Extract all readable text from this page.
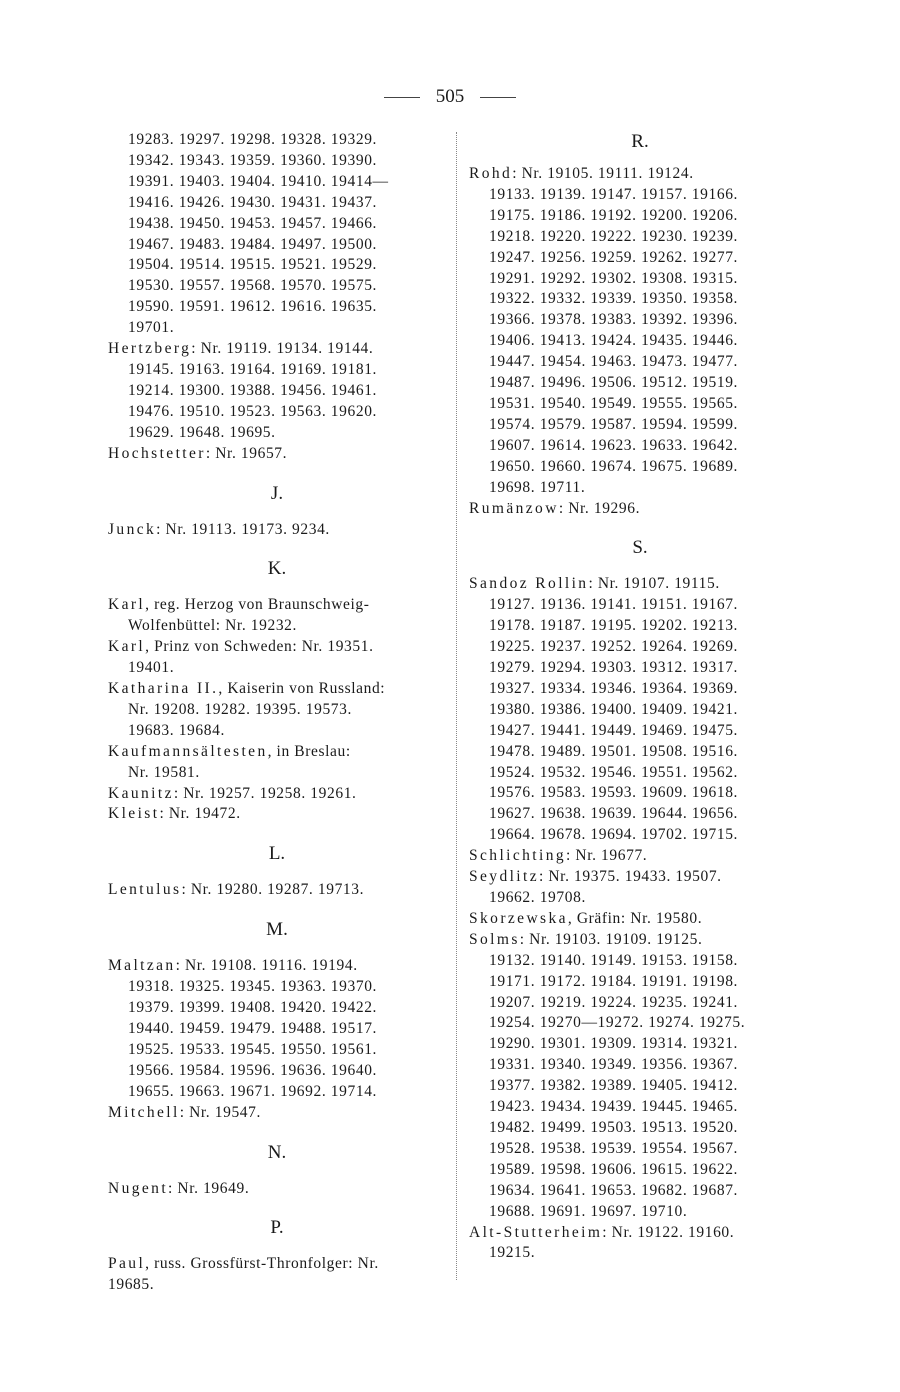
505
19283. 19297. 19298. 19328. 19329.
19342. 19343. 19359. 19360. 19390.
19391. 19403. 19404. 19410. 19414—
19416. 19426. 19430. 19431. 19437.
19438. 19450. 19453. 19457. 19466.
19467. 19483. 19484. 19497. 19500.
19504. 19514. 19515. 19521. 19529.
19530. 19557. 19568. 19570. 19575.
19590. 19591. 19612. 19616. 19635.
19701.
Hertzberg: Nr. 19119. 19134. 19144.
19145. 19163. 19164. 19169. 19181.
19214. 19300. 19388. 19456. 19461.
19476. 19510. 19523. 19563. 19620.
19629. 19648. 19695.
Hochstetter: Nr. 19657.
J.
Junck: Nr. 19113. 19173. 9234.
K.
Karl, reg. Herzog von Braunschweig-
Wolfenbüttel: Nr. 19232.
Karl, Prinz von Schweden: Nr. 19351.
19401.
Katharina II., Kaiserin von Russland:
Nr. 19208. 19282. 19395. 19573.
19683. 19684.
Kaufmannsältesten, in Breslau:
Nr. 19581.
Kaunitz: Nr. 19257. 19258. 19261.
Kleist: Nr. 19472.
L.
Lentulus: Nr. 19280. 19287. 19713.
M.
Maltzan: Nr. 19108. 19116. 19194.
19318. 19325. 19345. 19363. 19370.
19379. 19399. 19408. 19420. 19422.
19440. 19459. 19479. 19488. 19517.
19525. 19533. 19545. 19550. 19561.
19566. 19584. 19596. 19636. 19640.
19655. 19663. 19671. 19692. 19714.
Mitchell: Nr. 19547.
N.
Nugent: Nr. 19649.
P.
Paul, russ. Grossfürst-Thronfolger: Nr.
19685.
R.
Rohd: Nr. 19105. 19111. 19124.
19133. 19139. 19147. 19157. 19166.
19175. 19186. 19192. 19200. 19206.
19218. 19220. 19222. 19230. 19239.
19247. 19256. 19259. 19262. 19277.
19291. 19292. 19302. 19308. 19315.
19322. 19332. 19339. 19350. 19358.
19366. 19378. 19383. 19392. 19396.
19406. 19413. 19424. 19435. 19446.
19447. 19454. 19463. 19473. 19477.
19487. 19496. 19506. 19512. 19519.
19531. 19540. 19549. 19555. 19565.
19574. 19579. 19587. 19594. 19599.
19607. 19614. 19623. 19633. 19642.
19650. 19660. 19674. 19675. 19689.
19698. 19711.
Rumänzow: Nr. 19296.
S.
Sandoz Rollin: Nr. 19107. 19115.
19127. 19136. 19141. 19151. 19167.
19178. 19187. 19195. 19202. 19213.
19225. 19237. 19252. 19264. 19269.
19279. 19294. 19303. 19312. 19317.
19327. 19334. 19346. 19364. 19369.
19380. 19386. 19400. 19409. 19421.
19427. 19441. 19449. 19469. 19475.
19478. 19489. 19501. 19508. 19516.
19524. 19532. 19546. 19551. 19562.
19576. 19583. 19593. 19609. 19618.
19627. 19638. 19639. 19644. 19656.
19664. 19678. 19694. 19702. 19715.
Schlichting: Nr. 19677.
Seydlitz: Nr. 19375. 19433. 19507.
19662. 19708.
Skorzewska, Gräfin: Nr. 19580.
Solms: Nr. 19103. 19109. 19125.
19132. 19140. 19149. 19153. 19158.
19171. 19172. 19184. 19191. 19198.
19207. 19219. 19224. 19235. 19241.
19254. 19270—19272. 19274. 19275.
19290. 19301. 19309. 19314. 19321.
19331. 19340. 19349. 19356. 19367.
19377. 19382. 19389. 19405. 19412.
19423. 19434. 19439. 19445. 19465.
19482. 19499. 19503. 19513. 19520.
19528. 19538. 19539. 19554. 19567.
19589. 19598. 19606. 19615. 19622.
19634. 19641. 19653. 19682. 19687.
19688. 19691. 19697. 19710.
Alt-Stutterheim: Nr. 19122. 19160.
19215.
